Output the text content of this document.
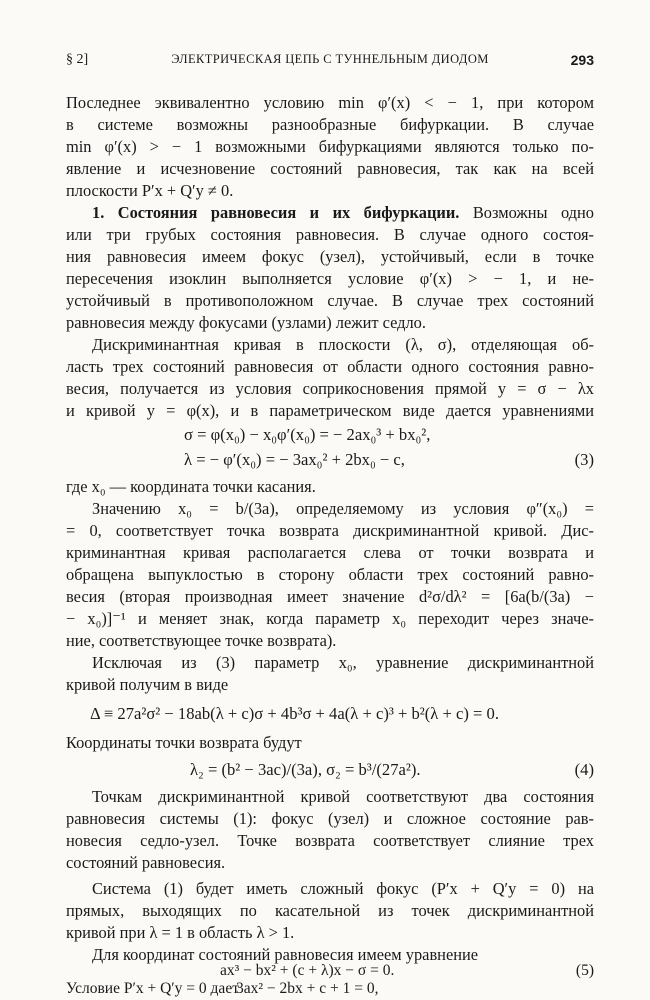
§ 2]	ЭЛЕКТРИЧЕСКАЯ ЦЕПЬ С ТУННЕЛЬНЫМ ДИОДОМ	293
Последнее эквивалентно условию min φ′(x) < − 1, при котором
в системе возможны разнообразные бифуркации. В случае
min φ′(x) > − 1 возможными бифуркациями являются только по-
явление и исчезновение состояний равновесия, так как на всей
плоскости P′x + Q′y ≠ 0.
1. Состояния равновесия и их бифуркации. Возможны одно
или три грубых состояния равновесия. В случае одного состоя-
ния равновесия имеем фокус (узел), устойчивый, если в точке
пересечения изоклин выполняется условие φ′(x) > − 1, и не-
устойчивый в противоположном случае. В случае трех состояний
равновесия между фокусами (узлами) лежит седло.
Дискриминантная кривая в плоскости (λ, σ), отделяющая об-
ласть трех состояний равновесия от области одного состояния равно-
весия, получается из условия соприкосновения прямой y = σ − λx
и кривой y = φ(x), и в параметрическом виде дается уравнениями
σ = φ(x₀) − x₀φ′(x₀) = − 2ax₀³ + bx₀²,
λ = − φ′(x₀) = − 3ax₀² + 2bx₀ − c,	(3)
где x₀ — координата точки касания.
Значению x₀ = b/(3a), определяемому из условия φ″(x₀) =
= 0, соответствует точка возврата дискриминантной кривой. Дис-
криминантная кривая располагается слева от точки возврата и
обращена выпуклостью в сторону области трех состояний равно-
весия (вторая производная имеет значение d²σ/dλ² = [6a(b/(3a) −
− x₀)]⁻¹ и меняет знак, когда параметр x₀ переходит через значе-
ние, соответствующее точке возврата).
Исключая из (3) параметр x₀, уравнение дискриминантной
кривой получим в виде
Δ ≡ 27a²σ² − 18ab(λ + c)σ + 4b³σ + 4a(λ + c)³ + b²(λ + c) = 0.
Координаты точки возврата будут
λ₂ = (b² − 3ac)/(3a), σ₂ = b³/(27a²).	(4)
Точкам дискриминантной кривой соответствуют два состояния
равновесия системы (1): фокус (узел) и сложное состояние рав-
новесия седло-узел. Точке возврата соответствует слияние трех
состояний равновесия.
Система (1) будет иметь сложный фокус (P′x + Q′y = 0) на
прямых, выходящих по касательной из точек дискриминантной
кривой при λ = 1 в область λ > 1.
Для координат состояний равновесия имеем уравнение
ax³ − bx² + (c + λ)x − σ = 0.	(5)
Условие P′x + Q′y = 0 дает
3ax² − 2bx + c + 1 = 0,
